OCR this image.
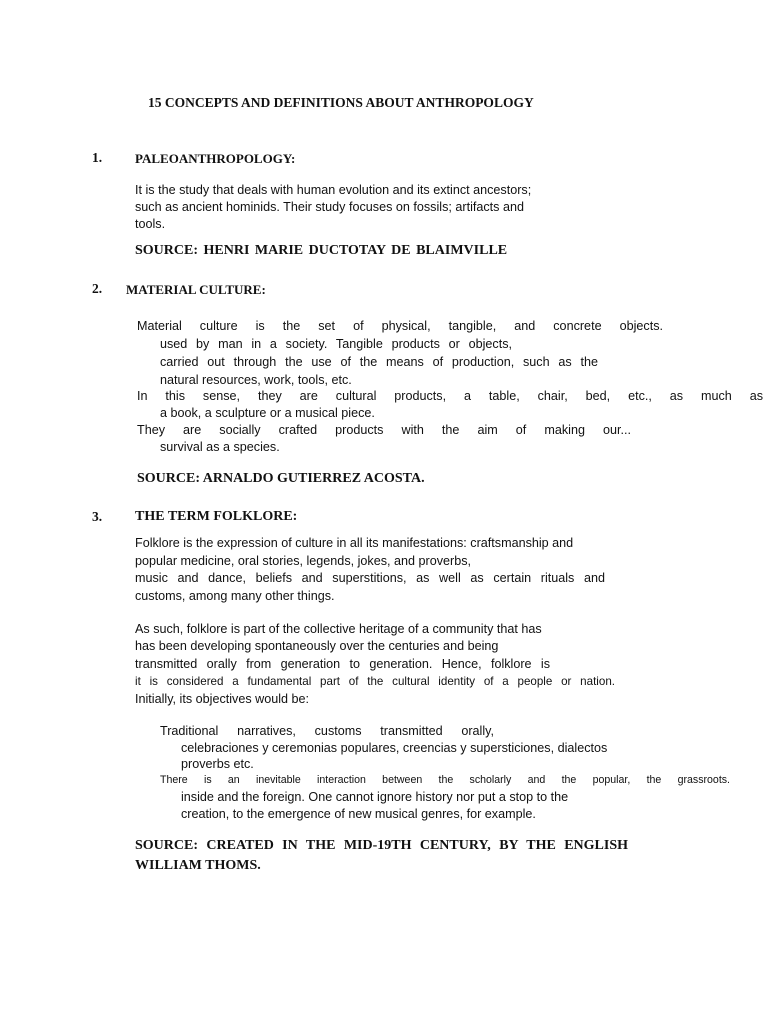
15 CONCEPTS AND DEFINITIONS ABOUT ANTHROPOLOGY
1.	PALEOANTHROPOLOGY:
It is the study that deals with human evolution and its extinct ancestors;
such as ancient hominids. Their study focuses on fossils; artifacts and
tools.
SOURCE: HENRI MARIE DUCTOTAY DE BLAIMVILLE
2. MATERIAL CULTURE:
Material culture is the set of physical, tangible, and concrete objects.
used by man in a society. Tangible products or objects,
carried out through the use of the means of production, such as the
natural resources, work, tools, etc.
In this sense, they are cultural products, a table, chair, bed, etc., as much as
a book, a sculpture or a musical piece.
They are socially crafted products with the aim of making our...
survival as a species.
SOURCE: ARNALDO GUTIERREZ ACOSTA.
3. THE TERM FOLKLORE:
Folklore is the expression of culture in all its manifestations: craftsmanship and
popular medicine, oral stories, legends, jokes, and proverbs,
music and dance, beliefs and superstitions, as well as certain rituals and
customs, among many other things.
As such, folklore is part of the collective heritage of a community that has
has been developing spontaneously over the centuries and being
transmitted orally from generation to generation. Hence, folklore is
it is considered a fundamental part of the cultural identity of a people or nation.
Initially, its objectives would be:
Traditional narratives, customs transmitted orally,
celebraciones y ceremonias populares, creencias y supersticiones, dialectos
proverbs etc.
There is an inevitable interaction between the scholarly and the popular, the grassroots.
inside and the foreign. One cannot ignore history nor put a stop to the
creation, to the emergence of new musical genres, for example.
SOURCE: CREATED IN THE MID-19TH CENTURY, BY THE ENGLISH
WILLIAM THOMS.
